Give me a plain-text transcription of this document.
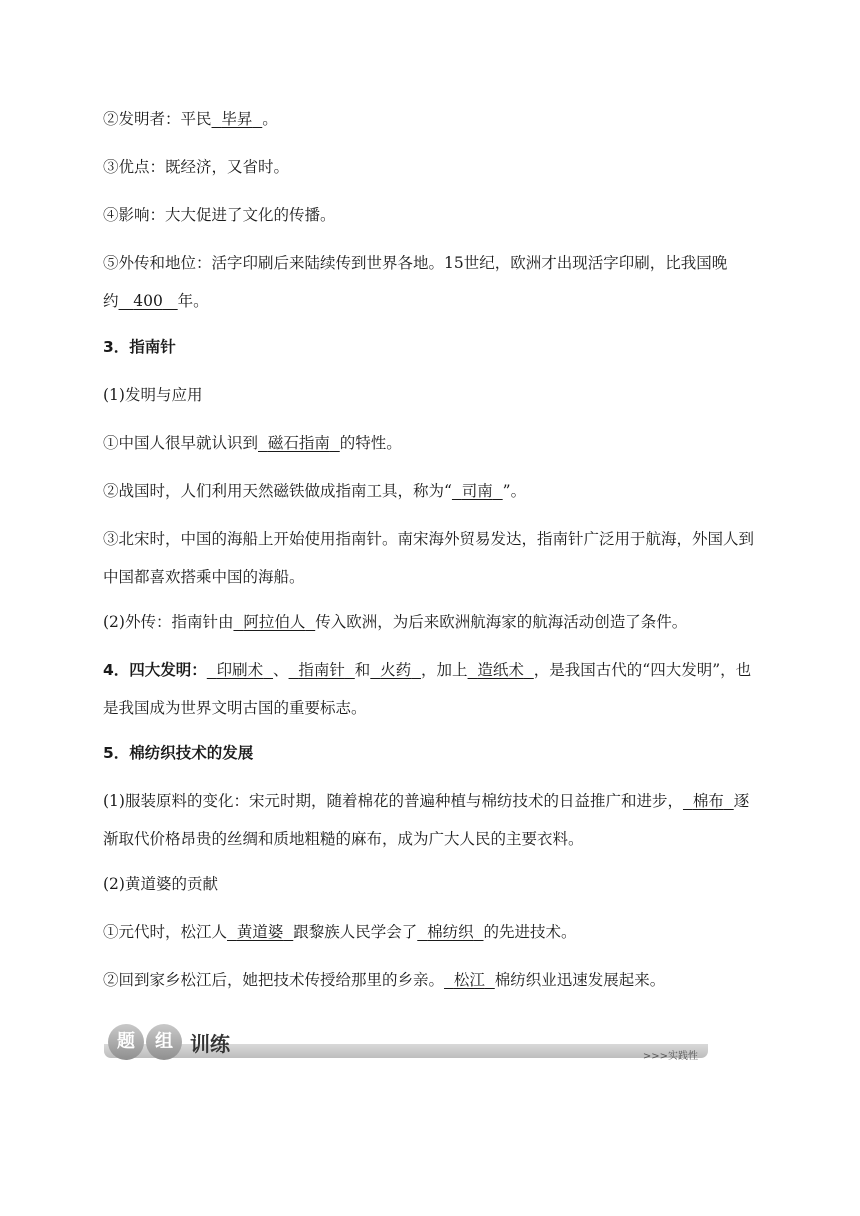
②发明者：平民 毕昇 。
③优点：既经济，又省时。
④影响：大大促进了文化的传播。
⑤外传和地位：活字印刷后来陆续传到世界各地。15世纪，欧洲才出现活字印刷，比我国晚约 400 年。
3．指南针
(1)发明与应用
①中国人很早就认识到 磁石指南 的特性。
②战国时，人们利用天然磁铁做成指南工具，称为“ 司南 ”。
③北宋时，中国的海船上开始使用指南针。南宋海外贸易发达，指南针广泛用于航海，外国人到中国都喜欢搭乘中国的海船。
(2)外传：指南针由 阿拉伯人 传入欧洲，为后来欧洲航海家的航海活动创造了条件。
4．四大发明： 印刷术 、 指南针 和 火药 ，加上 造纸术 ，是我国古代的“四大发明”，也是我国成为世界文明古国的重要标志。
5．棉纺织技术的发展
(1)服装原料的变化：宋元时期，随着棉花的普遍种植与棉纺技术的日益推广和进步， 棉布 逐渐取代价格昂贵的丝绸和质地粗糙的麻布，成为广大人民的主要衣料。
(2)黄道婆的贡献
①元代时，松江人 黄道婆 跟黎族人民学会了 棉纺织 的先进技术。
②回到家乡松江后，她把技术传授给那里的乡亲。 松江 棉纺织业迅速发展起来。
题	组 训练
>>>实践性
